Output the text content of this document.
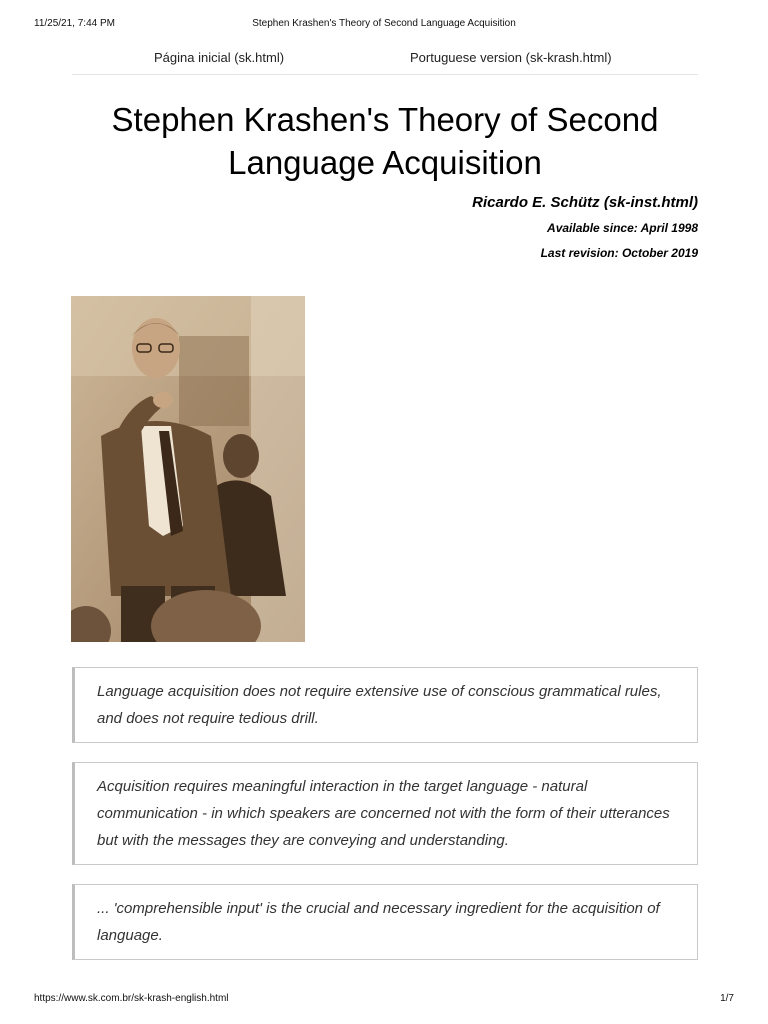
11/25/21, 7:44 PM	Stephen Krashen's Theory of Second Language Acquisition
Página inicial (sk.html)	Portuguese version (sk-krash.html)
Stephen Krashen's Theory of Second Language Acquisition
Ricardo E. Schütz (sk-inst.html)
Available since: April 1998
Last revision: October 2019
Language acquisition does not require extensive use of conscious grammatical rules, and does not require tedious drill.
Acquisition requires meaningful interaction in the target language - natural communication - in which speakers are concerned not with the form of their utterances but with the messages they are conveying and understanding.
... 'comprehensible input' is the crucial and necessary ingredient for the acquisition of language.
https://www.sk.com.br/sk-krash-english.html	1/7
